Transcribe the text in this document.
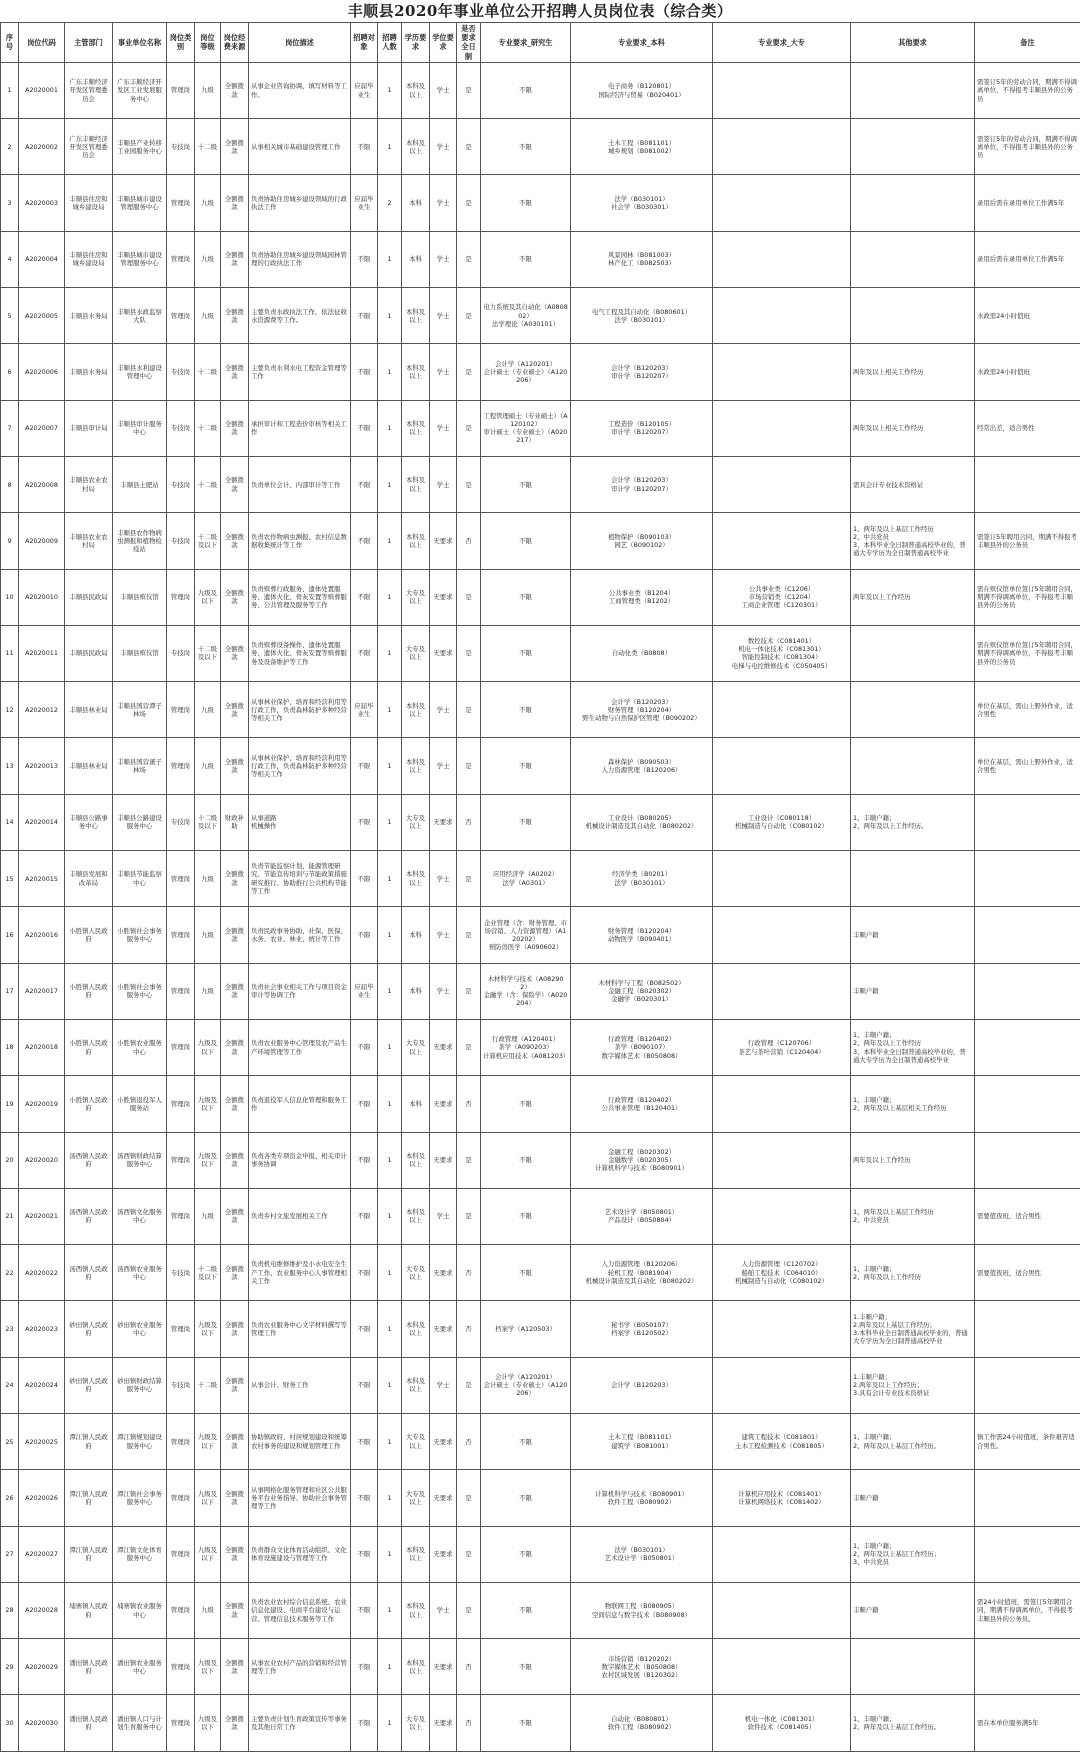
丰顺县2020年事业单位公开招聘人员岗位表（综合类）
序号	岗位代码	主管部门	事业单位名称	岗位类别	岗位等级	岗位经费来源	岗位描述	招聘对象	招聘人数	学历要求	学位要求	是否要求全日制	专业要求_研究生	专业要求_本科	专业要求_大专	其他要求	备注

1	A2020001	广东丰顺经济开发区管理委员会	广东丰顺经济开发区工业发展服务中心	管理岗	九级	全额拨款	从事企业咨询协调、填写材料等工作。	应届毕业生	1	本科及以上	学士	是	不限	电子商务（B120801）
国际经济与贸易（B020401）			需签订5年的劳动合同，期满不得调离单位，不得报考丰顺县外的公务员

2	A2020002	广东丰顺经济开发区管理委员会	丰顺县产业转移工业园服务中心	专技岗	十二级	全额拨款	从事相关城市基础建设管理工作	不限	1	本科及以上	学士	是	不限	土木工程（B081101）
城乡规划（B081002）			需签订5年的劳动合同，期满不得调离单位，不得报考丰顺县外的公务员

3	A2020003	丰顺县住房和城乡建设局	丰顺县城市建设管理服务中心	管理岗	九级	全额拨款	负责协助住房城乡建设领域的行政执法工作	应届毕业生	2	本科	学士	是	不限	法学（B030101）
社会学（B030301）			录用后需在录用单位工作满5年

4	A2020004	丰顺县住房和城乡建设局	丰顺县城市建设管理服务中心	管理岗	九级	全额拨款	负责协助住房城乡建设领域园林管理的行政执法工作	不限	1	本科	学士	是	不限	风景园林（B081003）
林产化工（B082503）			录用后需在录用单位工作满5年

5	A2020005	丰顺县水务局	丰顺县水政监察大队	管理岗	九级	全额拨款	主要负责水政执法工作，依法征收水资源费等工作。	不限	1	本科及以上	学士	是	电力系统及其自动化（A080802）
法学理论（A030101）	电气工程及其自动化（B080601）
法学（B030101）			水政需24小时值班

6	A2020006	丰顺县水务局	丰顺县水利建设管理中心	专技岗	十二级	全额拨款	主要负责水利水电工程资金管理等工作	不限	1	本科及以上	学士	是	会计学（A120201）
会计硕士（专业硕士）（A120206）	会计学（B120203）
审计学（B120207）		两年及以上相关工作经历	水政需24小时值班

7	A2020007	丰顺县审计局	丰顺县审计服务中心	专技岗	十二级	全额拨款	承担审计和工程造价审核等相关工作	不限	1	本科及以上	学士	是	工程管理硕士（专业硕士）（A120102）
审计硕士（专业硕士）（A020217）	工程造价（B120105）
审计学（B120207）		两年及以上相关工作经历	经常出差，适合男性

8	A2020008	丰顺县农业农村局	丰顺县土肥站	专技岗	十二级	全额拨款	负责单位会计、内部审计等工作	不限	1	本科及以上	学士	是	不限	会计学（B120203）
审计学（B120207）		需具会计专业技术资格证	

9	A2020009	丰顺县农业农村局	丰顺县农作物病虫测报和植物检疫站	专技岗	十二级及以下	全额拨款	负责农作物病虫测报、农村信息数据收集统计等工作	不限	1	本科及以上	无要求	否	不限	植物保护（B090103）
园艺（B090102）		1、两年及以上基层工作经历
2、中共党员
3、本科毕业全日制普通高校毕业的，普通大专学历为全日制普通高校毕业	需签订5年聘用合同，期满不得报考丰顺县外的公务员

10	A2020010	丰顺县民政局	丰顺县殡仪馆	管理岗	九级及以下	全额拨款	负责殡葬行政服务、遗体处置服务、遗体火化、骨灰安置等殡葬服务、公共管理及服务等工作	不限	1	大专及以上	无要求	是	不限	公共事业类（B1204）
工商管理类（B1202）	公共事业类（C1206）
市场营销类（C1204）
工商企业管理（C120301）	两年及以上工作经历	需在殡仪馆单位签订5年聘用合同，期满不得调离单位，不得报考丰顺县外的公务员

11	A2020011	丰顺县民政局	丰顺县殡仪馆	专技岗	十二级及以下	全额拨款	负责殡葬设备操作、遗体处置服务、遗体火化、骨灰安置等殡葬服务及设备维护等工作	不限	1	大专及以上	无要求	是	不限	自动化类（B0808）	数控技术（C081401）
机电一体化技术（C081301）
智能控制技术（C081304）
电梯与电控维修技术（C050405）		需在殡仪馆单位签订5年聘用合同，期满不得调离单位，不得报考丰顺县外的公务员

12	A2020012	丰顺县林业局	丰顺县国营潭子林场	管理岗	九级	全额拨款	从事林业保护、培育和经营利用等行政工作，负责森林防护多种经营等相关工作	应届毕业生	1	本科及以上	学士	是	不限	会计学（B120203）
财务管理（B120204）
野生动物与自然保护区管理（B090202）			单位在基层，需山上野外作业，适合男性

13	A2020013	丰顺县林业局	丰顺县国营溪子林场	管理岗	九级	全额拨款	从事林业保护、培育和经营利用等行政工作，负责森林防护多种经营等相关工作	不限	1	本科及以上	学士	是	不限	森林保护（B090503）
人力资源管理（B120206）			单位在基层，需山上野外作业，适合男性

14	A2020014	丰顺县公路事务中心	丰顺县公路建设服务中心	专技岗	十二级及以下	财政补助	从事道路
机械操作	不限	1	大专及以上	无要求	否	不限	工业设计（B080205）
机械设计制造及其自动化（B080202）	工业设计（C080118）
机械制造与自动化（C080102）	1、丰顺户籍；
2、两年及以上工作经历。	

15	A2020015	丰顺县发展和改革局	丰顺县节能监察中心	管理岗	九级	全额拨款	负责节能监察计划、能源管理研究、节能宣传培训与节能政策措施研究推行、协助推行公共机构节能等工作	不限	1	本科及以上	学士	是	应用经济学（A0202）
法学（A0301）	经济学类（B0201）
法学（B030101）			

16	A2020016	小胜镇人民政府	小胜镇社会事务服务中心	管理岗	九级	全额拨款	负责民政事务协助、社保、医保、水务、农业、林业、统计等工作	不限	1	本科	学士	是	企业管理（含：财务管理、市场营销、人力资源管理）（A120202）
预防兽医学（A090602）	财务管理（B120204）
动物医学（B090401）		丰顺户籍	

17	A2020017	小胜镇人民政府	小胜镇社会事务服务中心	管理岗	九级	全额拨款	负责社会事业相关工作与项目资金审计等协调工作	应届毕业生	1	本科	学士	是	木材科学与技术（A082902）
金融学（含：保险学）（A020204）	木材科学与工程（B082502）
金融工程（B020302）
金融学（B020301）		丰顺户籍	

18	A2020018	小胜镇人民政府	小胜镇农业服务中心	管理岗	九级及以下	全额拨款	负责农业服务中心管理及农产品生产环境管理等工作	不限	1	大专及以上	无要求	是	行政管理（A120401）
茶学（A090203）
计算机应用技术（A081203）	行政管理（B120402）
茶学（B090107）
数字媒体艺术（B050808）	行政管理（C120706）
茶艺与茶叶营销（C120404）	1、丰顺户籍；
2、两年及以上工作经历
3、本科毕业全日制普通高校毕业的，普通大专学历为全日制普通高校毕业	

19	A2020019	小胜镇人民政府	小胜镇退役军人服务站	管理岗	九级及以下	全额拨款	负责退役军人信息化管理和服务工作	不限	1	本科	无要求	否	不限	行政管理（B120402）
公共事业管理（B120401）		1、丰顺户籍；
2、两年及以上基层相关工作经历	

20	A2020020	汤西镇人民政府	汤西镇财政结算服务中心	管理岗	九级及以下	全额拨款	负责各类专项资金申报、相关审计事务协调	不限	1	本科及以上	无要求	是	不限	金融工程（B020302）
金融数学（B020305）
计算机科学与技术（B080901）		两年及以上工作经历	

21	A2020021	汤西镇人民政府	汤西镇文化服务中心	管理岗	九级	全额拨款	负责乡村文旅发展相关工作	不限	1	本科及以上	学士	是	不限	艺术设计学（B050801）
产品设计（B050804）		1、两年及以上基层工作经历
2、中共党员	需要值夜班，适合男性

22	A2020022	汤西镇人民政府	汤西镇农业服务中心	专技岗	十二级及以下	全额拨款	负责机电维修维护及小水电安全生产工作、农业服务中心人事管理相关工作	不限	1	大专及以上	无要求	否	不限	人力资源管理（B120206）
轮机工程（B081904）
机械设计制造及其自动化（B080202）	人力资源管理（C120702）
船舶工程技术（C064010）
机械制造与自动化（C080102）	1、丰顺户籍；
2、两年及以上工作经历	需要值夜班，适合男性

23	A2020023	砂田镇人民政府	砂田镇农业服务中心	管理岗	九级及以下	全额拨款	负责农业服务中心文字材料撰写等管理工作	不限	1	本科及以上	无要求	否	档案学（A120503）	秘书学（B050107）
档案学（B120502）		1.丰顺户籍；
2.两年及以上基层工作经历；
3.本科毕业全日制普通高校毕业的，普通大专学历为全日制普通高校毕业	

24	A2020024	砂田镇人民政府	砂田镇财政结算服务中心	专技岗	十二级	全额拨款	从事会计、财务工作	不限	1	本科及以上	学士	是	会计学（A120201）
会计硕士（专业硕士）（A120206）	会计学（B120203）		1.丰顺户籍；
2.两年及以上工作经历；
3.具有会计专业技术资格证	

25	A2020025	潭江镇人民政府	潭江镇规划建设服务中心	管理岗	九级及以下	全额拨款	协助镇政府、村居规划建设和统筹农村事务的建设和规划管理工作	不限	1	大专及以上	无要求	否	不限	土木工程（B081101）
建筑学（B081001）	建筑工程技术（C081801）
土木工程检测技术（C081805）	1、丰顺户籍；
2、两年及以上基层工作经历。	镇工作需24小时值班，条件艰苦适合男性。

26	A2020026	潭江镇人民政府	潭江镇社会事务服务中心	管理岗	九级及以下	全额拨款	从事网格化服务管理和社区公共服务平台业务指导、协助社会事务管理等工作	不限	1	大专及以上	无要求	是	不限	计算机科学与技术（B080901）
软件工程（B080902）	计算机应用技术（C081401）
计算机网络技术（C081402）	丰顺户籍	

27	A2020027	潭江镇人民政府	潭江镇文化体育服务中心	管理岗	九级及以下	全额拨款	负责群众文化体育活动组织、文化体育设施建设与管理等工作	不限	1	本科及以上	无要求	是	不限	法学（B030101）
艺术设计学（B050801）		1、丰顺户籍；
2、两年及以上基层工作经历；
3、中共党员	

28	A2020028	埔寨镇人民政府	埔寨镇农业服务中心	管理岗	九级	全额拨款	负责农业农村综合信息系统、农业信息化建设、电商平台建设与运营、管理信息技术服务等工作	不限	1	本科及以上	学士	是	不限	物联网工程（B080905）
空间信息与数字技术（B080908）		丰顺户籍	需24小时值班，需签订5年聘用合同，期满不得调离单位，不得报考丰顺县外的公务员。

29	A2020029	潘田镇人民政府	潘田镇农业服务中心	管理岗	九级及以下	全额拨款	从事农业农村产品的营销和经营管理等工作	不限	1	本科及以上	无要求	否	不限	市场营销（B120202）
数字媒体艺术（B050808）
农村区域发展（B120302）			

30	A2020030	潘田镇人民政府	潘田镇人口与计划生育服务中心	管理岗	九级及以下	全额拨款	主要负责计划生育政策宣传等事务及其他日常工作	不限	1	大专及以上	无要求	否	不限	自动化（B080801）
软件工程（B080902）	机电一体化（C081301）
软件技术（C081405）	1、丰顺户籍；
2、两年及以上基层工作经历。	需在本单位服务满5年
